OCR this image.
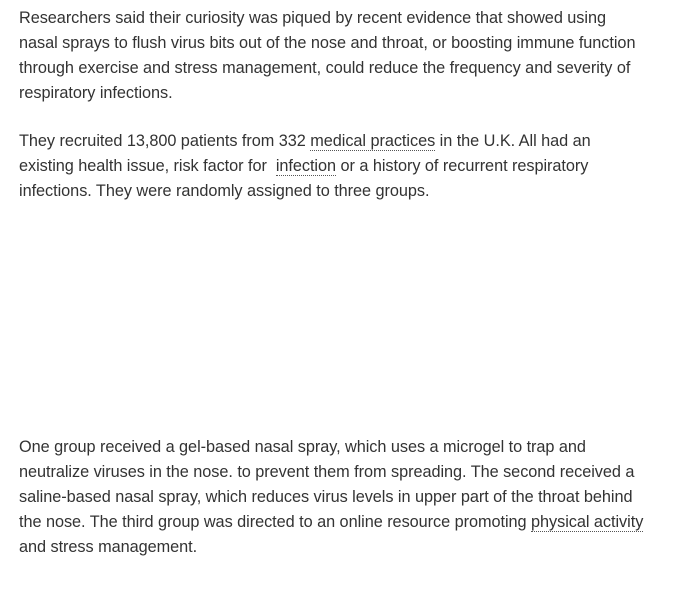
Researchers said their curiosity was piqued by recent evidence that showed using nasal sprays to flush virus bits out of the nose and throat, or boosting immune function through exercise and stress management, could reduce the frequency and severity of respiratory infections.

They recruited 13,800 patients from 332 medical practices in the U.K. All had an existing health issue, risk factor for  infection or a history of recurrent respiratory infections. They were randomly assigned to three groups.

One group received a gel-based nasal spray, which uses a microgel to trap and neutralize viruses in the nose. to prevent them from spreading. The second received a saline-based nasal spray, which reduces virus levels in upper part of the throat behind the nose. The third group was directed to an online resource promoting physical activity and stress management.
